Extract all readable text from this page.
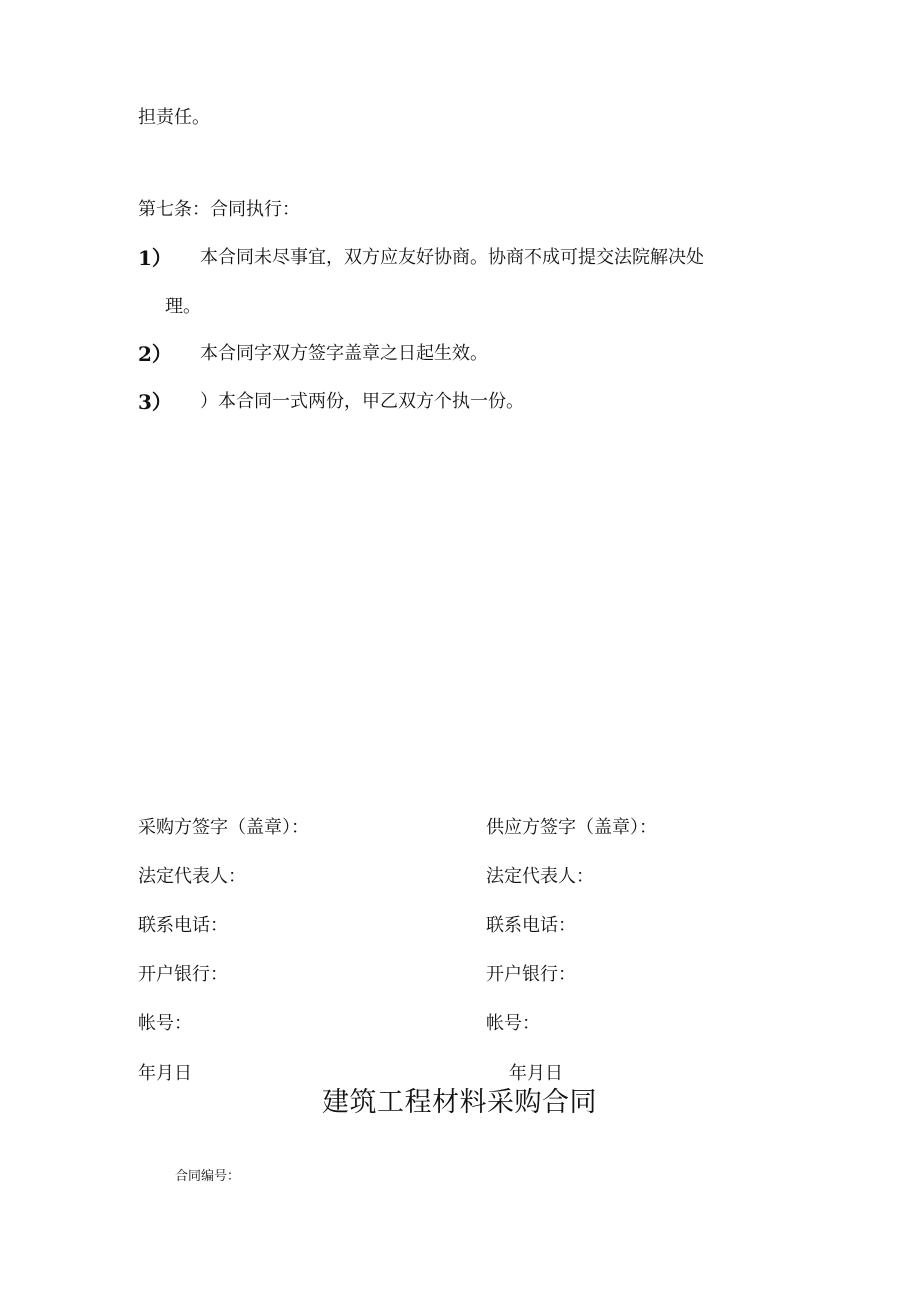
担责任。
第七条：合同执行：
1） 本合同未尽事宜，双方应友好协商。协商不成可提交法院解决处
理。
2） 本合同字双方签字盖章之日起生效。
3） ）本合同一式两份，甲乙双方个执一份。
采购方签字（盖章）：
法定代表人：
联系电话：
开户银行：
帐号：
年月日
供应方签字（盖章）：
法定代表人：
联系电话：
开户银行：
帐号：
年月日
建筑工程材料采购合同
合同编号：
